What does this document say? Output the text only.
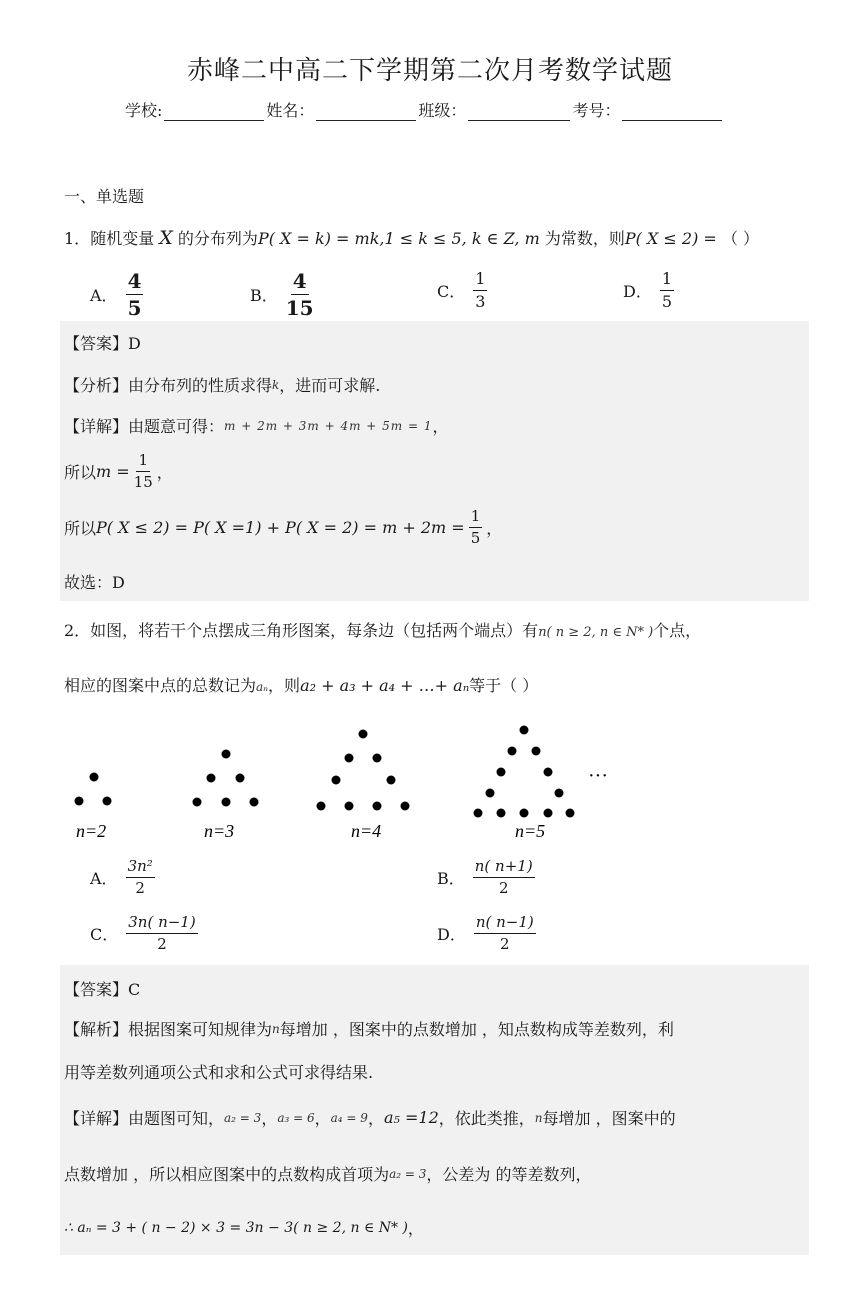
赤峰二中高二下学期第二次月考数学试题
学校:	姓名：	班级：	考号：
一、单选题
1．随机变量 X 的分布列为P( X = k) = mk,1 ≤ k ≤ 5, k ∈ Z, m 为常数，则P( X ≤ 2) = （ ）
A． $\frac{4}{5}$	B． $\frac{4}{15}$	C． $\frac{1}{3}$	D． $\frac{1}{5}$
【答案】D
【分析】由分布列的性质求得 k ，进而可求解.
【详解】由题意可得： m + 2m + 3m + 4m + 5m = 1 ，
所以 $m = \frac{1}{15}$ ，
所以 P( X ≤ 2) = P( X =1) + P( $X = 2) = m + 2m = \frac{1}{5}$ ，
故选：D
2．如图，将若干个点摆成三角形图案，每条边（包括两个端点）有n( n ≥ 2, n ∈ N* )个点，
相应的图案中点的总数记为aₙ，则a₂ + a₃ + a₄ + …+ aₙ等于（ ）
n=2	n=3	n=4	n=5
···
A． $\frac{\text{3n²}}{2}$	B． $\frac{n( n+1)}{2}$
C． $\frac{3n( n-1)}{2}$	D． $\frac{n( n-1)}{2}$
【答案】C
【解析】根据图案可知规律为 n 每增加 ，图案中的点数增加 ，知点数构成等差数列，利
用等差数列通项公式和求和公式可求得结果.
【详解】由题图可知， a₂ = 3 ， a₃ = 6 ， a₄ = 9 ， a₅ =12 ，依此类推， n 每增加 ，图案中的
点数增加 ，所以相应图案中的点数构成首项为 a₂ = 3 ，公差为 的等差数列，
∴ aₙ = 3 + ( n − 2) × 3 = 3n − 3( n ≥ 2, n ∈ N* ) ，
